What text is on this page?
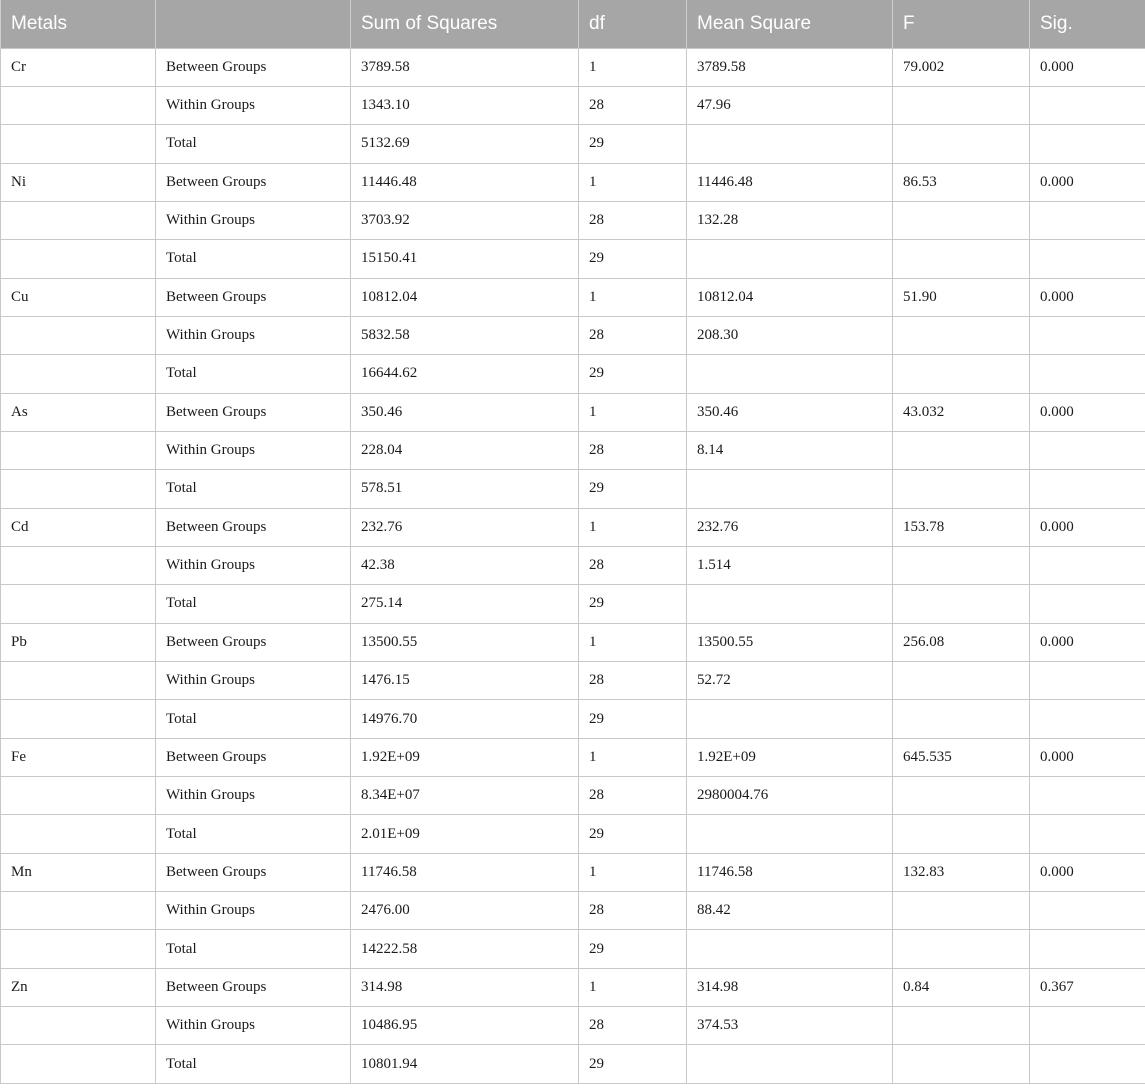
Metals		Sum of Squares	df	Mean Square	F	Sig.
Cr	Between Groups	3789.58	1	3789.58	79.002	0.000
	Within Groups	1343.10	28	47.96		
	Total	5132.69	29			
Ni	Between Groups	11446.48	1	11446.48	86.53	0.000
	Within Groups	3703.92	28	132.28		
	Total	15150.41	29			
Cu	Between Groups	10812.04	1	10812.04	51.90	0.000
	Within Groups	5832.58	28	208.30		
	Total	16644.62	29			
As	Between Groups	350.46	1	350.46	43.032	0.000
	Within Groups	228.04	28	8.14		
	Total	578.51	29			
Cd	Between Groups	232.76	1	232.76	153.78	0.000
	Within Groups	42.38	28	1.514		
	Total	275.14	29			
Pb	Between Groups	13500.55	1	13500.55	256.08	0.000
	Within Groups	1476.15	28	52.72		
	Total	14976.70	29			
Fe	Between Groups	1.92E+09	1	1.92E+09	645.535	0.000
	Within Groups	8.34E+07	28	2980004.76		
	Total	2.01E+09	29			
Mn	Between Groups	11746.58	1	11746.58	132.83	0.000
	Within Groups	2476.00	28	88.42		
	Total	14222.58	29			
Zn	Between Groups	314.98	1	314.98	0.84	0.367
	Within Groups	10486.95	28	374.53		
	Total	10801.94	29			
